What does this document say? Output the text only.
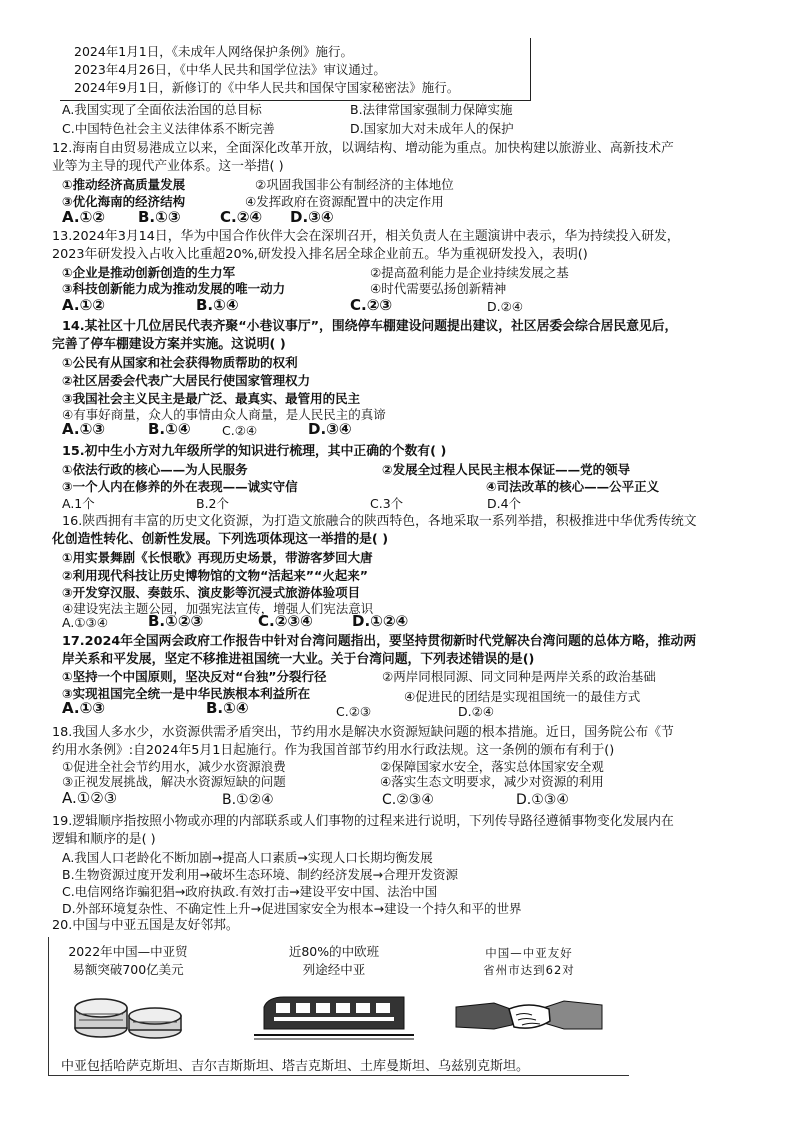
2024年1月1日，《未成年人网络保护条例》施行。
2023年4月26日，《中华人民共和国学位法》审议通过。
2024年9月1日，新修订的《中华人民共和国保守国家秘密法》施行。
A.我国实现了全面依法治国的总目标	B.法律常国家强制力保障实施
C.中国特色社会主义法律体系不断完善	D.国家加大对未成年人的保护
12.海南自由贸易港成立以来，全面深化改革开放，以调结构、增动能为重点。加快构建以旅游业、高新技术产
业等为主导的现代产业体系。这一举措( )
①推动经济高质量发展	②巩固我国非公有制经济的主体地位
③优化海南的经济结构	④发挥政府在资源配置中的决定作用
A.①② B.①③	C.②④ D.③④
13.2024年3月14日，华为中国合作伙伴大会在深圳召开，相关负责人在主题演讲中表示，华为持续投入研发，
2023年研发投入占收入比重超20%,研发投入排名居全球企业前五。华为重视研发投入，表明()
①企业是推动创新创造的生力军	②提高盈利能力是企业持续发展之基
③科技创新能力成为推动发展的唯一动力	④时代需要弘扬创新精神
A.①②	B.①④	C.②③	D.②④
14.某社区十几位居民代表齐聚“小巷议事厅”，围绕停车棚建设问题提出建议，社区居委会综合居民意见后，
完善了停车棚建设方案并实施。这说明( )
①公民有从国家和社会获得物质帮助的权利
②社区居委会代表广大居民行使国家管理权力
③我国社会主义民主是最广泛、最真实、最管用的民主
④有事好商量，众人的事情由众人商量，是人民民主的真谛
A.①③	B.①④	C.②④	D.③④
15.初中生小方对九年级所学的知识进行梳理，其中正确的个数有( )
①依法行政的核心——为人民服务	②发展全过程人民民主根本保证——党的领导
③一个人内在修养的外在表现——诚实守信	④司法改革的核心——公平正义
A.1个	B.2个	C.3个	D.4个
16.陕西拥有丰富的历史文化资源，为打造文旅融合的陕西特色，各地采取一系列举措，积极推进中华优秀传统文
化创造性转化、创新性发展。下列选项体现这一举措的是( )
①用实景舞剧《长恨歌》再现历史场景，带游客梦回大唐
②利用现代科技让历史博物馆的文物“活起来”“火起来”
③开发穿汉服、奏鼓乐、演皮影等沉浸式旅游体验项目
④建设宪法主题公园，加强宪法宣传，增强人们宪法意识
A.①③④	B.①②③	C.②③④	D.①②④
17.2024年全国两会政府工作报告中针对台湾问题指出，要坚持贯彻新时代党解决台湾问题的总体方略，推动两
岸关系和平发展，坚定不移推进祖国统一大业。关于台湾问题，下列表述错误的是()
①坚持一个中国原则，坚决反对“台独”分裂行径	②两岸同根同源、同文同种是两岸关系的政治基础
③实现祖国完全统一是中华民族根本利益所在	④促进民的团结是实现祖国统一的最佳方式
A.①③	B.①④	C.②③	D.②④
18.我国人多水少，水资源供需矛盾突出，节约用水是解决水资源短缺问题的根本措施。近日，国务院公布《节
约用水条例》:自2024年5月1日起施行。作为我国首部节约用水行政法规。这一条例的颁布有利于()
①促进全社会节约用水，减少水资源浪费	②保障国家水安全，落实总体国家安全观
③正视发展挑战，解决水资源短缺的问题	④落实生态文明要求，减少对资源的利用
A.①②③	B.①②④	C.②③④	D.①③④
19.逻辑顺序指按照小物或亦理的内部联系或人们事物的过程来进行说明，下列传导路径遵循事物变化发展内在
逻辑和顺序的是( )
A.我国人口老龄化不断加剧→提高人口素质→实现人口长期均衡发展
B.生物资源过度开发利用→破坏生态环境、制约经济发展→合理开发资源
C.电信网络诈骗犯猖→政府执政.有效打击→建设平安中国、法治中国
D.外部环境复杂性、不确定性上升→促进国家安全为根本→建设一个持久和平的世界
20.中国与中亚五国是友好邻邦。
2022年中国—中亚贸
易额突破700亿美元
近80%的中欧班
列途经中亚
中国—中亚友好
省州市达到62对
中亚包括哈萨克斯坦、吉尔吉斯斯坦、塔吉克斯坦、土库曼斯坦、乌兹别克斯坦。
